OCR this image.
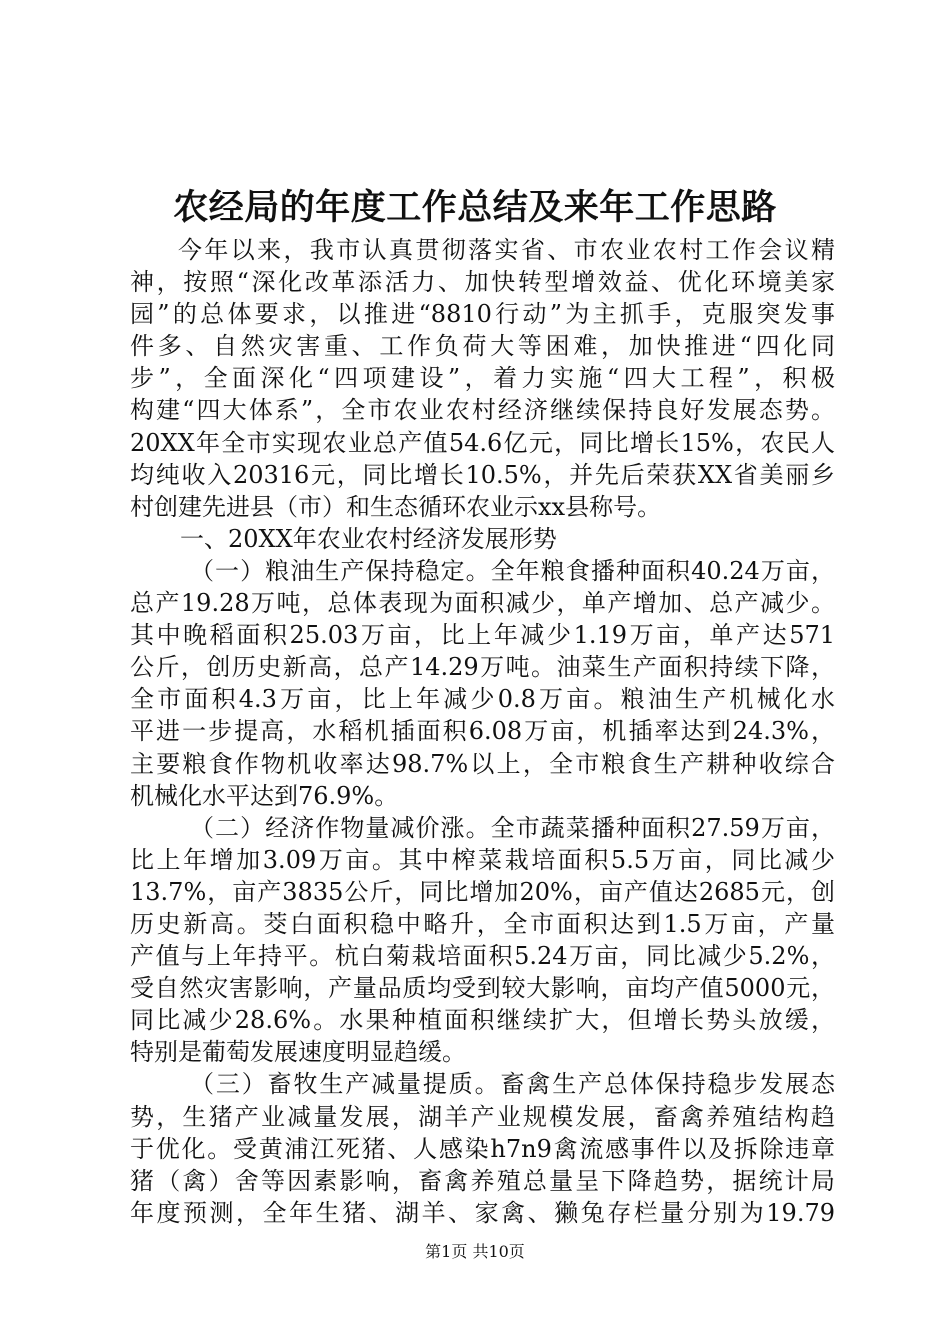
农经局的年度工作总结及来年工作思路
今年以来，我市认真贯彻落实省、市农业农村工作会议精
神，按照“深化改革添活力、加快转型增效益、优化环境美家
园”的总体要求，以推进“8810行动”为主抓手，克服突发事
件多、自然灾害重、工作负荷大等困难，加快推进“四化同
步”，全面深化“四项建设”，着力实施“四大工程”，积极
构建“四大体系”，全市农业农村经济继续保持良好发展态势。
20XX年全市实现农业总产值54.6亿元，同比增长15%，农民人
均纯收入20316元，同比增长10.5%，并先后荣获XX省美丽乡
村创建先进县（市）和生态循环农业示xx县称号。
一、20XX年农业农村经济发展形势
（一）粮油生产保持稳定。全年粮食播种面积40.24万亩，
总产19.28万吨，总体表现为面积减少，单产增加、总产减少。
其中晚稻面积25.03万亩，比上年减少1.19万亩，单产达571
公斤，创历史新高，总产14.29万吨。油菜生产面积持续下降，
全市面积4.3万亩，比上年减少0.8万亩。粮油生产机械化水
平进一步提高，水稻机插面积6.08万亩，机插率达到24.3%，
主要粮食作物机收率达98.7%以上，全市粮食生产耕种收综合
机械化水平达到76.9%。
（二）经济作物量减价涨。全市蔬菜播种面积27.59万亩，
比上年增加3.09万亩。其中榨菜栽培面积5.5万亩，同比减少
13.7%，亩产3835公斤，同比增加20%，亩产值达2685元，创
历史新高。茭白面积稳中略升，全市面积达到1.5万亩，产量
产值与上年持平。杭白菊栽培面积5.24万亩，同比减少5.2%，
受自然灾害影响，产量品质均受到较大影响，亩均产值5000元，
同比减少28.6%。水果种植面积继续扩大，但增长势头放缓，
特别是葡萄发展速度明显趋缓。
（三）畜牧生产减量提质。畜禽生产总体保持稳步发展态
势，生猪产业减量发展，湖羊产业规模发展，畜禽养殖结构趋
于优化。受黄浦江死猪、人感染h7n9禽流感事件以及拆除违章
猪（禽）舍等因素影响，畜禽养殖总量呈下降趋势，据统计局
年度预测，全年生猪、湖羊、家禽、獭兔存栏量分别为19.79
第1页 共10页
